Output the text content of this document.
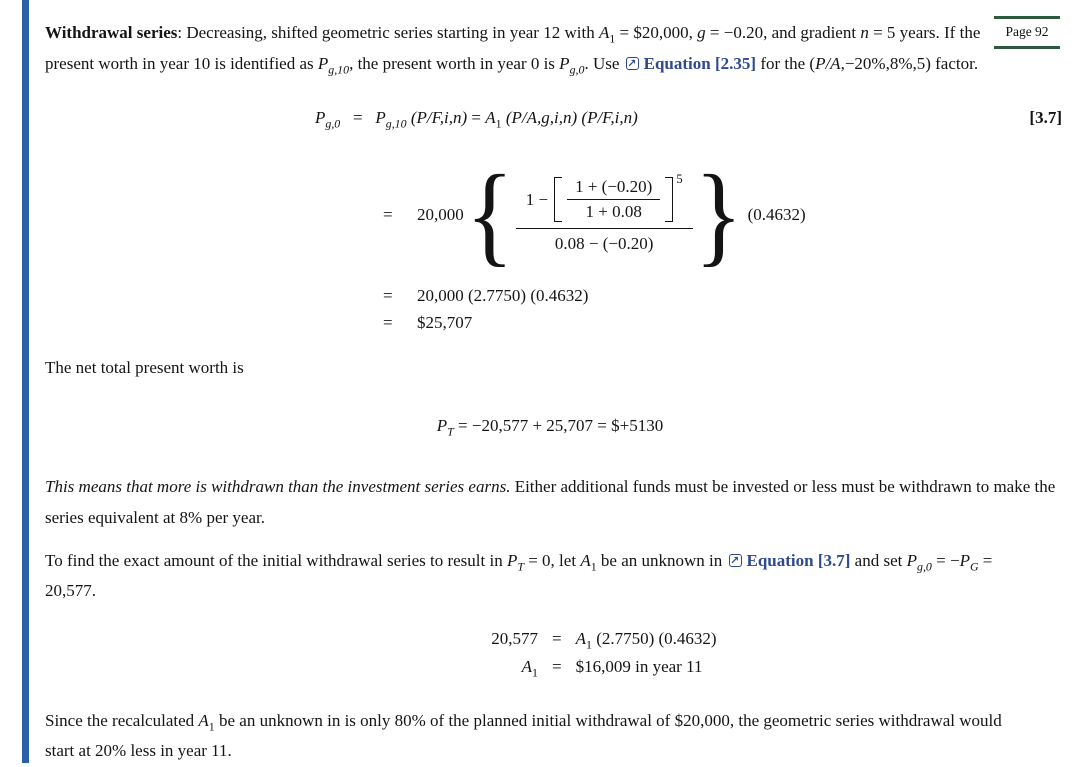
Page 92

Withdrawal series: Decreasing, shifted geometric series starting in year 12 with $A_1$ = $20,000, g = −0.20, and gradient n = 5 years. If the present worth in year 10 is identified as $P_{g,10}$, the present worth in year 0 is $P_{g,0}$. Use ↗Equation [2.35] for the (P/A,−20%,8%,5) factor.

$P_{g,0} = P_{g,10}$ $(P/F,i,n) = A_1$ (P/A,g,i,n) (P/F,i,n)	[3.7]
=	20,000 { $1 - \frac{1 + (-0.20)}{1 + 0.08} 5$
0.08 − (−0.20) } (0.4632)
= 20,000 (2.7750) (0.4632)
= $25,707

The net total present worth is

$P_T = -20,577 + 25,707$ = $+5130

This means that more is withdrawn than the investment series earns. Either additional funds must be invested or less must be withdrawn to make the series equivalent at 8% per year.

To find the exact amount of the initial withdrawal series to result in $P_T = 0$, let $A_1$ be an unknown in ↗Equation [3.7] and set $P_{g,0} = -P_G = 20,577$.

$20,577 = A_1$ (2.7750) (0.4632)
$A_1$ = $16,009 in year 11

Since the recalculated $A_1$ be an unknown in is only 80% of the planned initial withdrawal of $20,000, the geometric series withdrawal would start at 20% less in year 11.
